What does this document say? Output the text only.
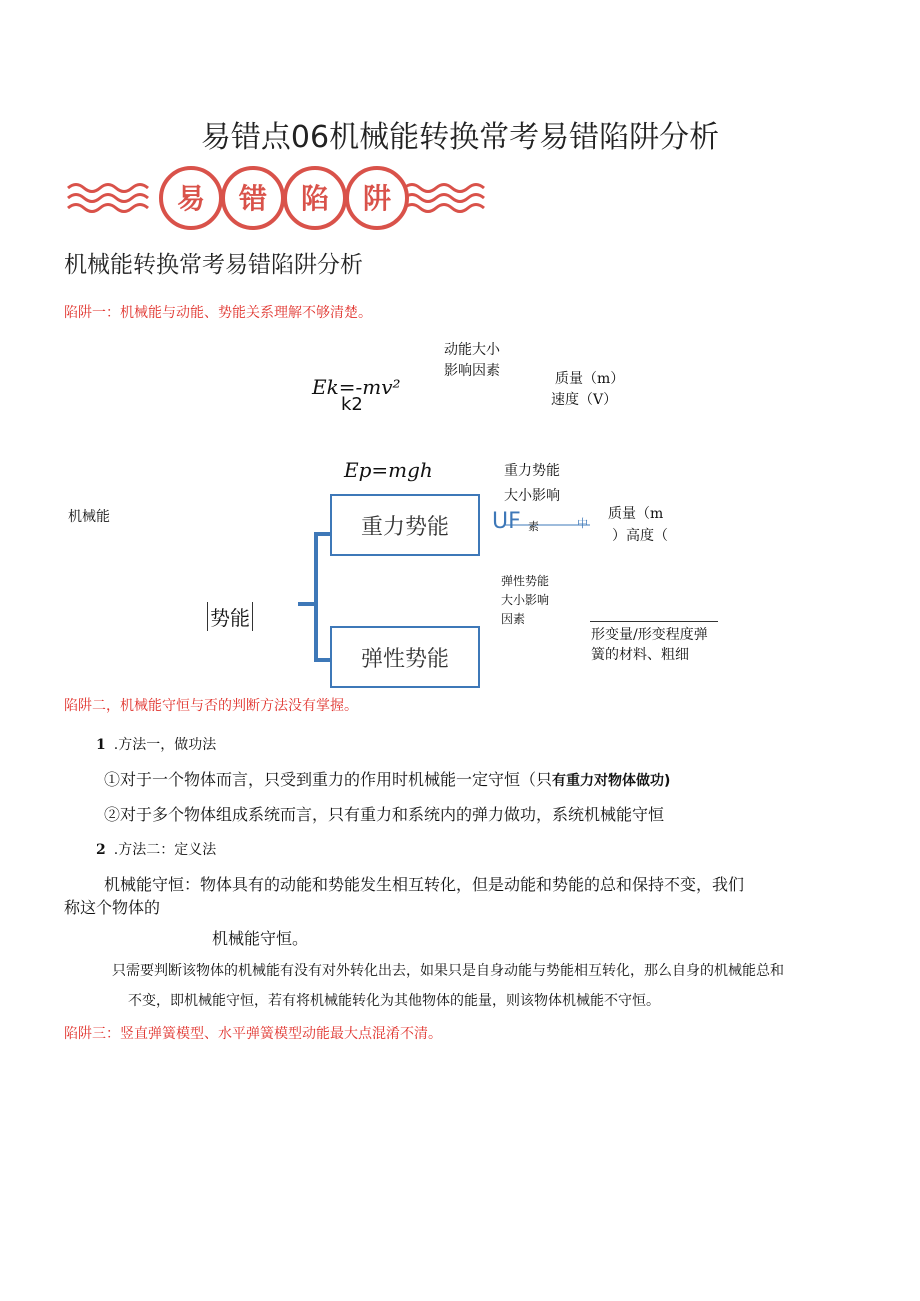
易错点06机械能转换常考易错陷阱分析
易 错 陷 阱
机械能转换常考易错陷阱分析
陷阱一：机械能与动能、势能关系理解不够清楚。
动能大小
影响因素
Ek=-mv²
k2
质量（m）
速度（V）
Ep=mgh	重力势能
大小影响
机械能	重力势能
弹性势能
UF 素	中
质量（m
）高度（
弹性势能
大小影响
因素
势能
形变量/形变程度弹
簧的材料、粗细
陷阱二，机械能守恒与否的判断方法没有掌握。
1 .方法一，做功法
①对于一个物体而言，只受到重力的作用时机械能一定守恒（只有重力对物体做功)
②对于多个物体组成系统而言，只有重力和系统内的弹力做功，系统机械能守恒
2 .方法二：定义法
机械能守恒：物体具有的动能和势能发生相互转化，但是动能和势能的总和保持不变，我们
称这个物体的
机械能守恒。
只需要判断该物体的机械能有没有对外转化出去，如果只是自身动能与势能相互转化，那么自身的机械能总和
不变，即机械能守恒，若有将机械能转化为其他物体的能量，则该物体机械能不守恒。
陷阱三：竖直弹簧模型、水平弹簧模型动能最大点混淆不清。
